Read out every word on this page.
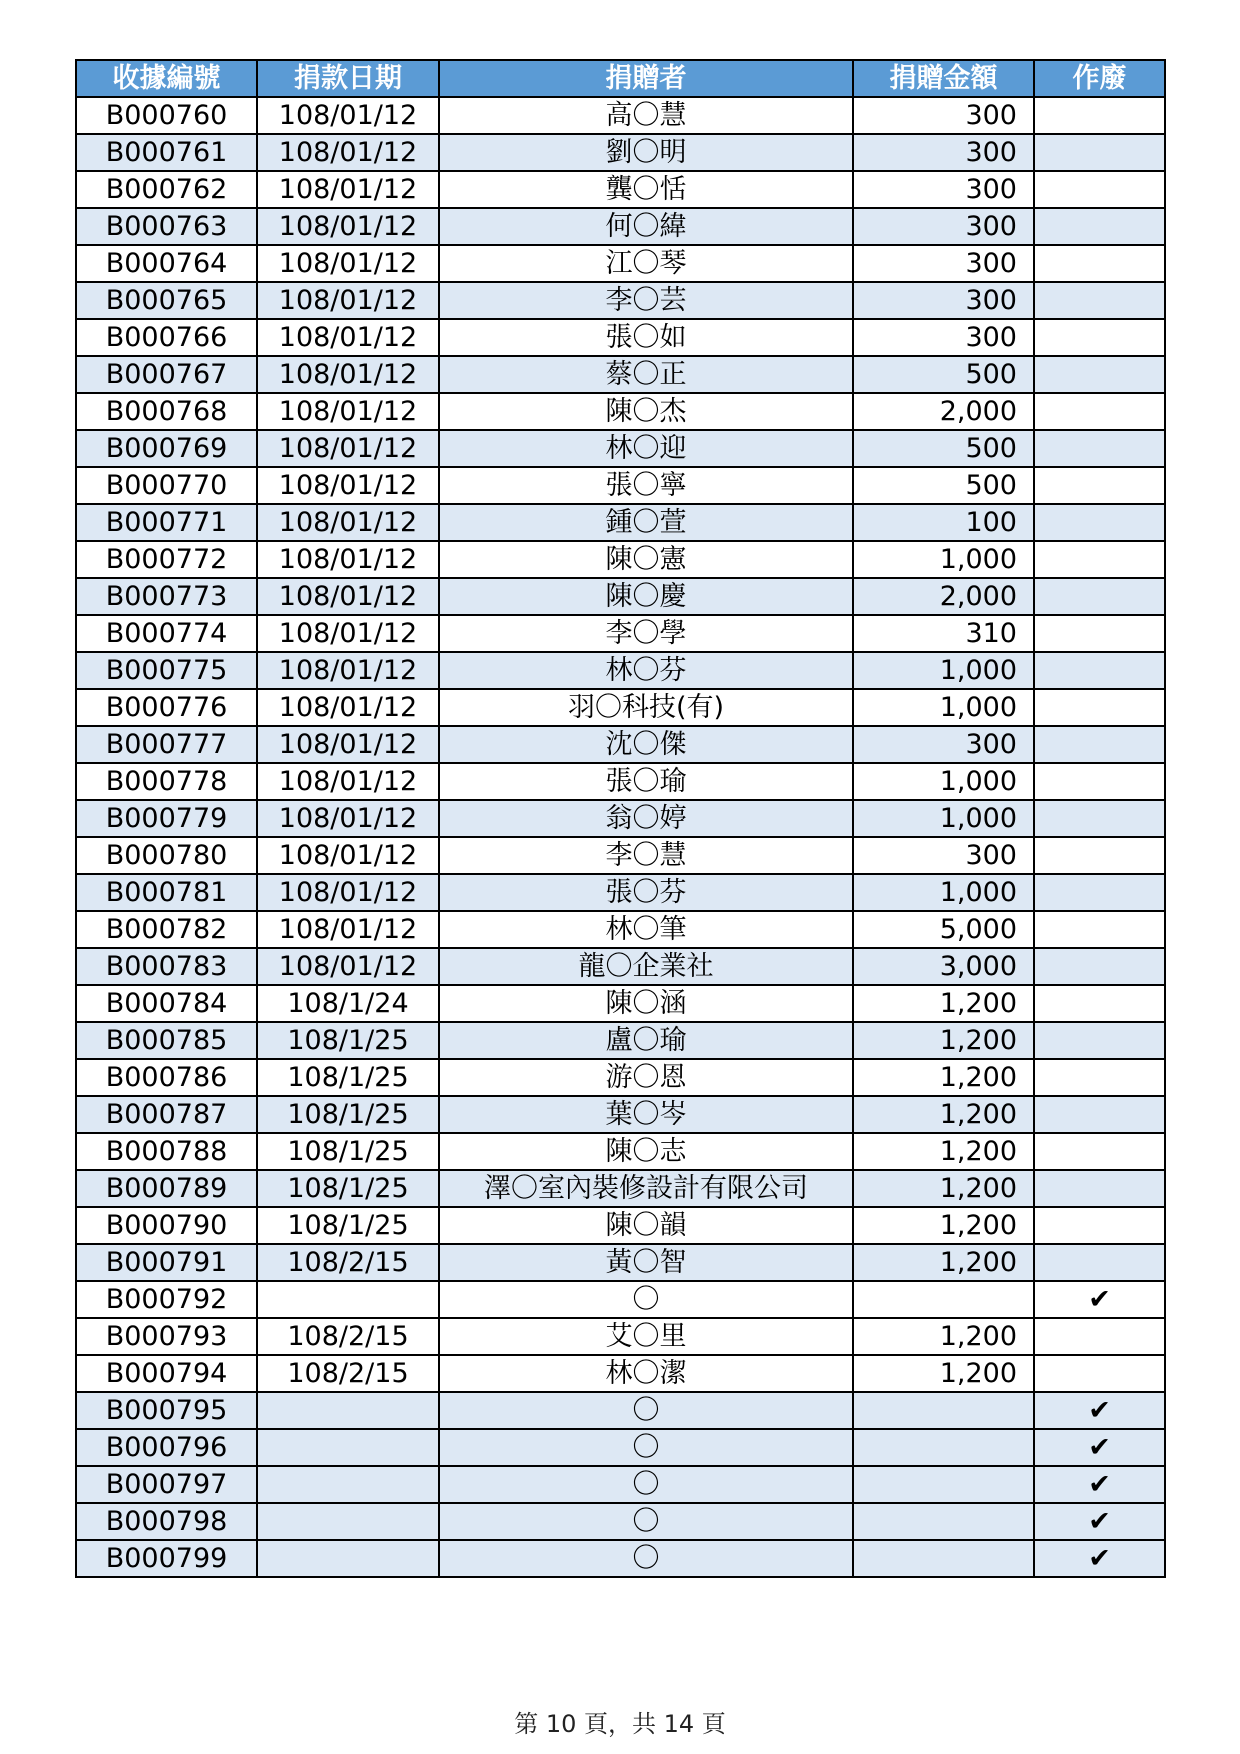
收據編號	捐款日期	捐贈者	捐贈金額	作廢
B000760	108/01/12	高〇慧	300	
B000761	108/01/12	劉〇明	300	
B000762	108/01/12	龔〇恬	300	
B000763	108/01/12	何〇緯	300	
B000764	108/01/12	江〇琴	300	
B000765	108/01/12	李〇芸	300	
B000766	108/01/12	張〇如	300	
B000767	108/01/12	蔡〇正	500	
B000768	108/01/12	陳〇杰	2,000	
B000769	108/01/12	林〇迎	500	
B000770	108/01/12	張〇寧	500	
B000771	108/01/12	鍾〇萱	100	
B000772	108/01/12	陳〇憲	1,000	
B000773	108/01/12	陳〇慶	2,000	
B000774	108/01/12	李〇學	310	
B000775	108/01/12	林〇芬	1,000	
B000776	108/01/12	羽〇科技(有)	1,000	
B000777	108/01/12	沈〇傑	300	
B000778	108/01/12	張〇瑜	1,000	
B000779	108/01/12	翁〇婷	1,000	
B000780	108/01/12	李〇慧	300	
B000781	108/01/12	張〇芬	1,000	
B000782	108/01/12	林〇筆	5,000	
B000783	108/01/12	龍〇企業社	3,000	
B000784	108/1/24	陳〇涵	1,200	
B000785	108/1/25	盧〇瑜	1,200	
B000786	108/1/25	游〇恩	1,200	
B000787	108/1/25	葉〇岑	1,200	
B000788	108/1/25	陳〇志	1,200	
B000789	108/1/25	澤〇室內裝修設計有限公司	1,200	
B000790	108/1/25	陳〇韻	1,200	
B000791	108/2/15	黃〇智	1,200	
B000792		〇		✔
B000793	108/2/15	艾〇里	1,200	
B000794	108/2/15	林〇潔	1,200	
B000795		〇		✔
B000796		〇		✔
B000797		〇		✔
B000798		〇		✔
B000799		〇		✔
第 10 頁，共 14 頁
